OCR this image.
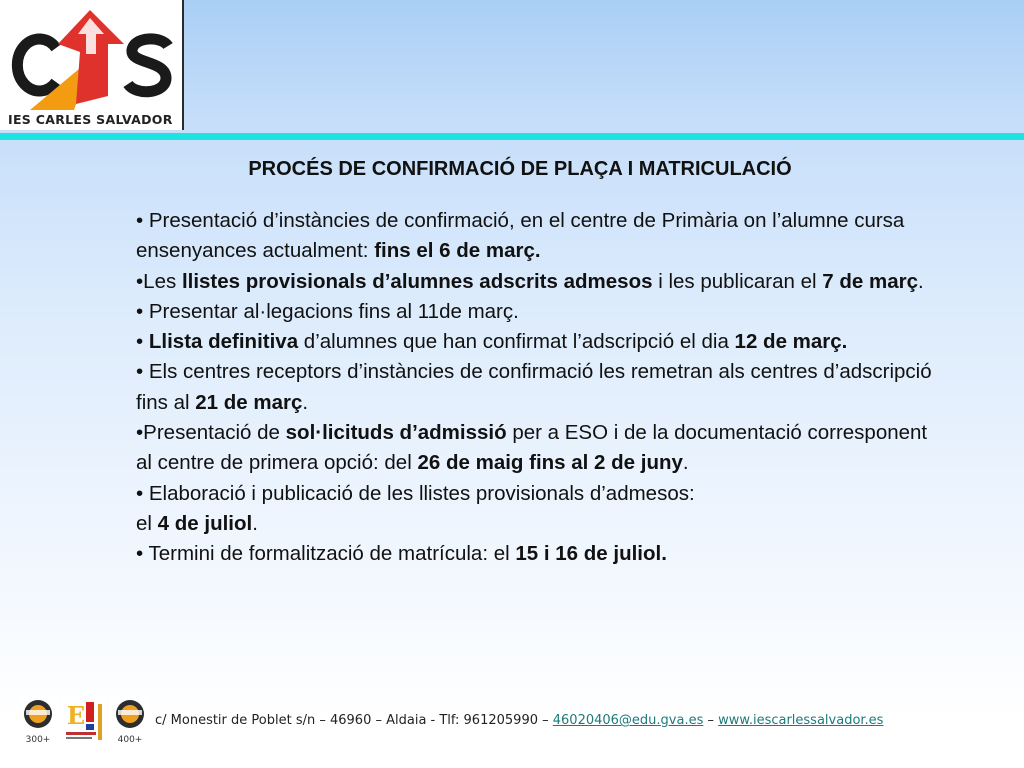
IES CARLES SALVADOR
PROCÉS DE CONFIRMACIÓ DE PLAÇA I MATRICULACIÓ

• Presentació d’instàncies de confirmació, en el centre de Primària on l’alumne cursa ensenyances actualment: fins el 6 de març.

•Les llistes provisionals d’alumnes adscrits admesos i les publicaran el 7 de març.

• Presentar al·legacions fins al 11de març.

• Llista definitiva d’alumnes que han confirmat l’adscripció el dia 12 de març.

• Els centres receptors d’instàncies de confirmació les remetran als centres d’adscripció fins al 21 de març.

•Presentació de sol·licituds d’admissió per a ESO i de la documentació corresponent al centre de primera opció: del 26 de maig fins al 2 de juny.

• Elaboració i publicació de les llistes provisionals d’admesos:
el 4 de juliol.

• Termini de formalització de matrícula: el 15 i 16 de juliol.

300+
E
400+
c/ Monestir de Poblet s/n – 46960 – Aldaia - Tlf: 961205990 – 46020406@edu.gva.es – www.iescarlessalvador.es
